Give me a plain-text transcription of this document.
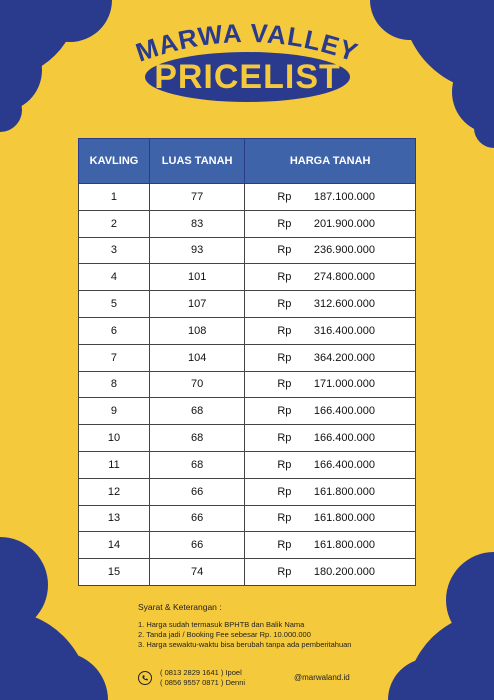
MARWA VALLEY
PRICELIST
KAVLING	LUAS TANAH	HARGA TANAH
1	77	Rp 187.100.000

2	83	Rp 201.900.000

3	93	Rp 236.900.000

4	101	Rp 274.800.000

5	107	Rp 312.600.000

6	108	Rp 316.400.000

7	104	Rp 364.200.000

8	70	Rp 171.000.000

9	68	Rp 166.400.000

10	68	Rp 166.400.000

11	68	Rp 166.400.000

12	66	Rp 161.800.000

13	66	Rp 161.800.000

14	66	Rp 161.800.000

15	74	Rp 180.200.000
Syarat & Keterangan :
1. Harga sudah termasuk BPHTB dan Balik Nama
2. Tanda jadi / Booking Fee sebesar Rp. 10.000.000
3. Harga sewaktu-waktu bisa berubah tanpa ada pemberitahuan
( 0813 2829 1641 ) Ipoel
( 0856 9557 0871 ) Denni
@marwaland.id
